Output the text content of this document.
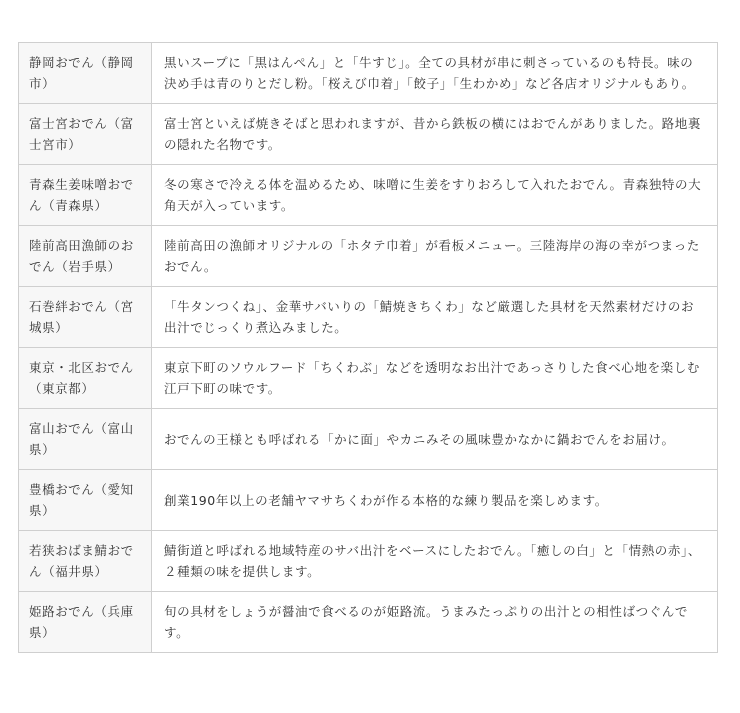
静岡おでん（静岡市）	黒いスープに「黒はんぺん」と「牛すじ」。全ての具材が串に刺さっているのも特長。味の決め手は青のりとだし粉。「桜えび巾着」「餃子」「生わかめ」など各店オリジナルもあり。
富士宮おでん（富士宮市）	富士宮といえば焼きそばと思われますが、昔から鉄板の横にはおでんがありました。路地裏の隠れた名物です。
青森生姜味噌おでん（青森県）	冬の寒さで冷える体を温めるため、味噌に生姜をすりおろして入れたおでん。青森独特の大角天が入っています。
陸前高田漁師のおでん（岩手県）	陸前高田の漁師オリジナルの「ホタテ巾着」が看板メニュー。三陸海岸の海の幸がつまったおでん。
石巻絆おでん（宮城県）	「牛タンつくね」、金華サバいりの「鯖焼きちくわ」など厳選した具材を天然素材だけのお出汁でじっくり煮込みました。
東京・北区おでん（東京都）	東京下町のソウルフード「ちくわぶ」などを透明なお出汁であっさりした食べ心地を楽しむ江戸下町の味です。
富山おでん（富山県）	おでんの王様とも呼ばれる「かに面」やカニみその風味豊かなかに鍋おでんをお届け。
豊橋おでん（愛知県）	創業190年以上の老舗ヤマサちくわが作る本格的な練り製品を楽しめます。
若狭おばま鯖おでん（福井県）	鯖街道と呼ばれる地域特産のサバ出汁をベースにしたおでん。「癒しの白」と「情熱の赤」、２種類の味を提供します。
姫路おでん（兵庫県）	旬の具材をしょうが醤油で食べるのが姫路流。うまみたっぷりの出汁との相性ばつぐんです。
